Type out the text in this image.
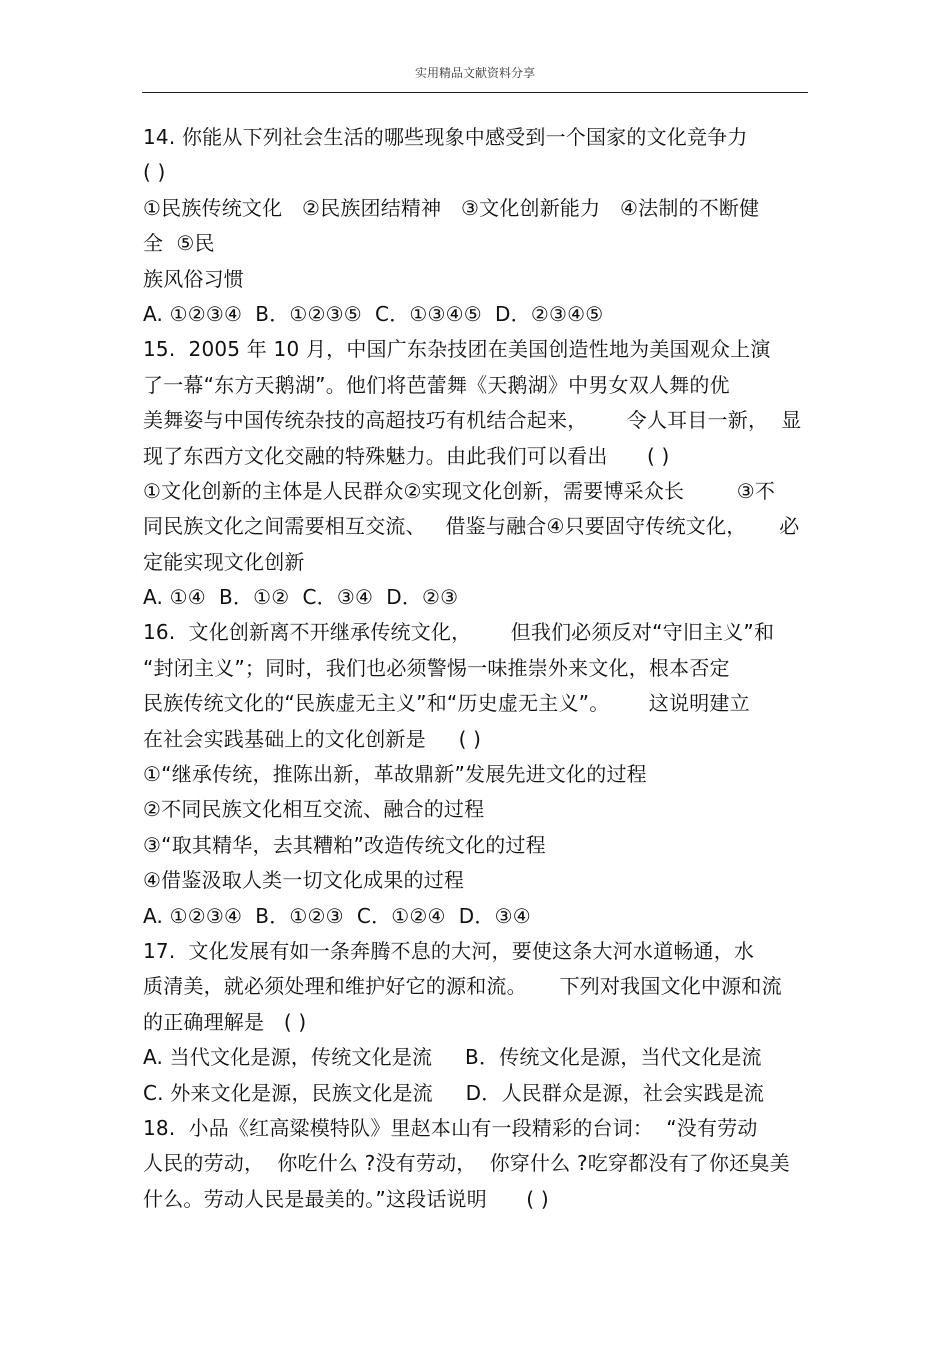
实用精品文献资料分享
14. 你能从下列社会生活的哪些现象中感受到一个国家的文化竞争力
( )
①民族传统文化   ②民族团结精神   ③文化创新能力   ④法制的不断健
全  ⑤民
族风俗习惯
A. ①②③④  B．①②③⑤  C．①③④⑤  D．②③④⑤
15.  2005 年 10 月，中国广东杂技团在美国创造性地为美国观众上演
了一幕“东方天鹅湖”。他们将芭蕾舞《天鹅湖》中男女双人舞的优
美舞姿与中国传统杂技的高超技巧有机结合起来，      令人耳目一新，  显
现了东西方文化交融的特殊魅力。由此我们可以看出      ( )
①文化创新的主体是人民群众②实现文化创新，需要博采众长        ③不
同民族文化之间需要相互交流、   借鉴与融合④只要固守传统文化，     必
定能实现文化创新
A. ①④  B．①②  C．③④  D．②③
16.  文化创新离不开继承传统文化，      但我们必须反对“守旧主义”和
“封闭主义”；同时，我们也必须警惕一味推崇外来文化，根本否定
民族传统文化的“民族虚无主义”和“历史虚无主义”。      这说明建立
在社会实践基础上的文化创新是     ( )
①“继承传统，推陈出新，革故鼎新”发展先进文化的过程
②不同民族文化相互交流、融合的过程
③“取其精华，去其糟粕”改造传统文化的过程
④借鉴汲取人类一切文化成果的过程
A. ①②③④  B．①②③  C．①②④  D．③④
17.  文化发展有如一条奔腾不息的大河，要使这条大河水道畅通，水
质清美，就必须处理和维护好它的源和流。     下列对我国文化中源和流
的正确理解是   ( )
A. 当代文化是源，传统文化是流     B．传统文化是源，当代文化是流
C. 外来文化是源，民族文化是流     D．人民群众是源，社会实践是流
18.  小品《红高粱模特队》里赵本山有一段精彩的台词：  “没有劳动
人民的劳动，  你吃什么 ?没有劳动，  你穿什么 ?吃穿都没有了你还臭美
什么。劳动人民是最美的。”这段话说明      ( )
